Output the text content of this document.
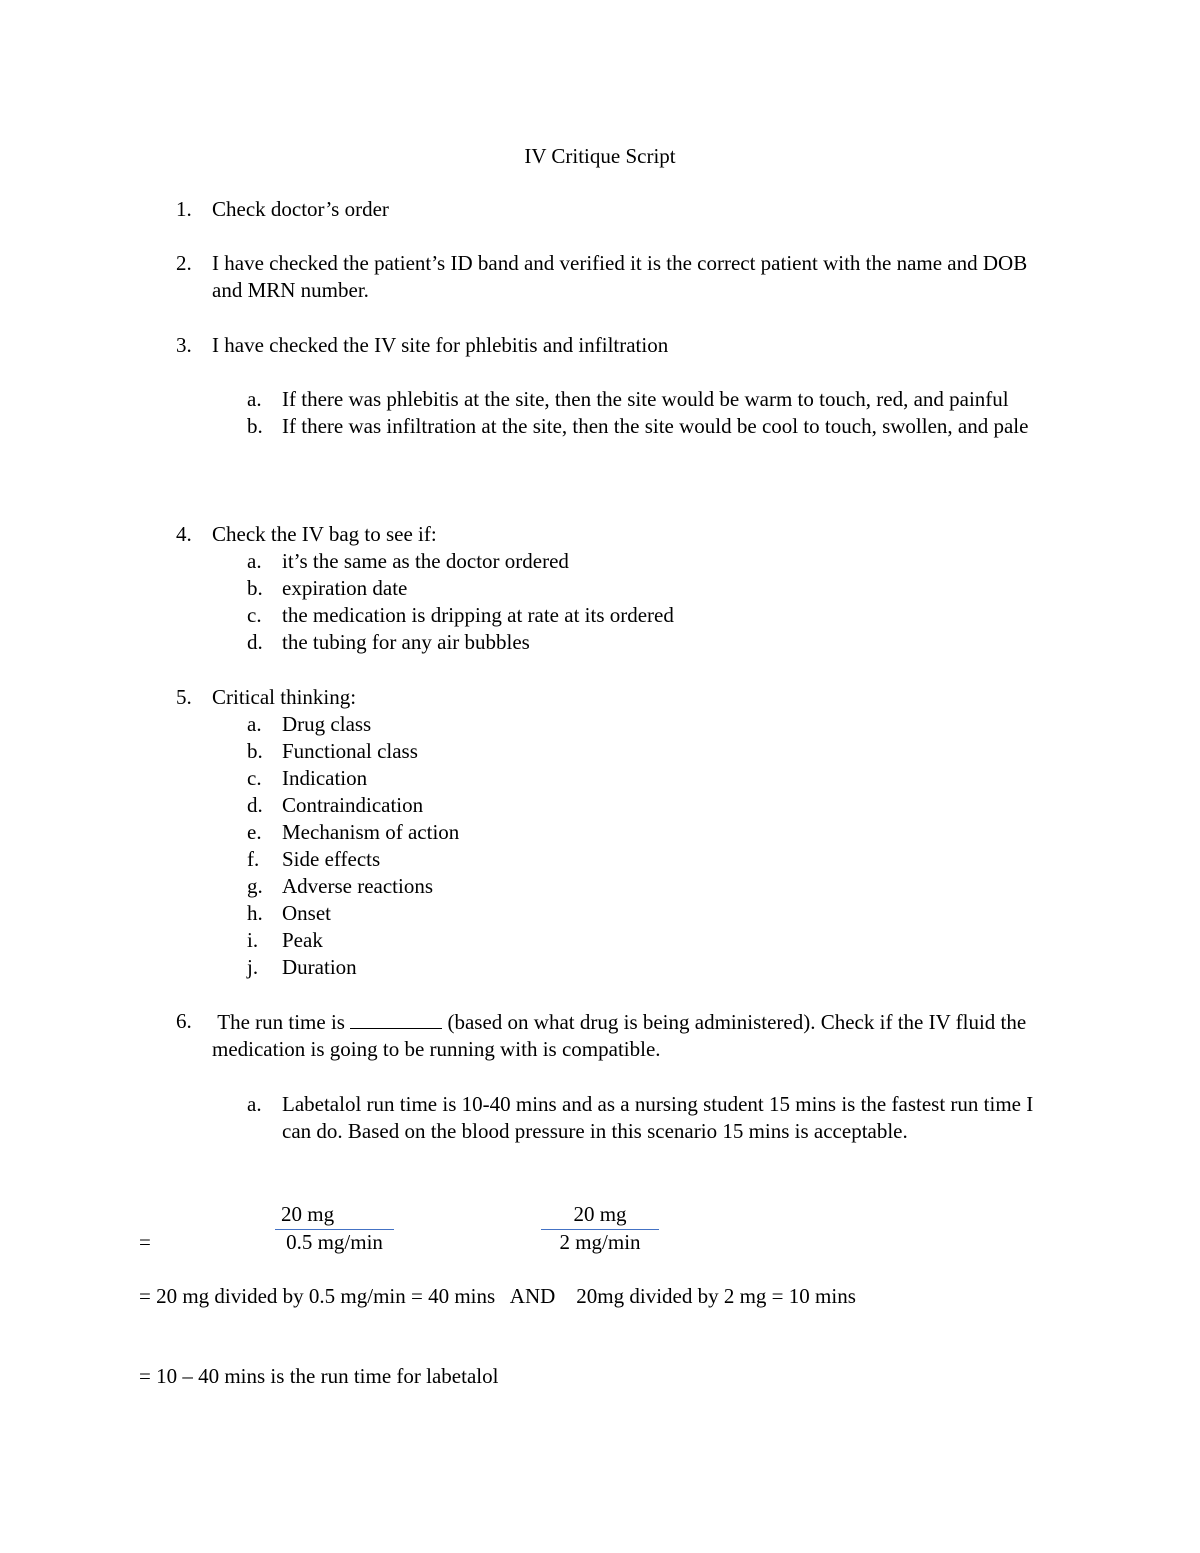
IV Critique Script
1. Check doctor’s order
2. I have checked the patient’s ID band and verified it is the correct patient with the name and DOB and MRN number.
3. I have checked the IV site for phlebitis and infiltration
a. If there was phlebitis at the site, then the site would be warm to touch, red, and painful
b. If there was infiltration at the site, then the site would be cool to touch, swollen, and pale
4. Check the IV bag to see if:
a. it’s the same as the doctor ordered
b. expiration date
c. the medication is dripping at rate at its ordered
d. the tubing for any air bubbles
5. Critical thinking:
a. Drug class
b. Functional class
c. Indication
d. Contraindication
e. Mechanism of action
f. Side effects
g. Adverse reactions
h. Onset
i. Peak
j. Duration
6. The run time is	(based on what drug is being administered). Check if the IV fluid the medication is going to be running with is compatible.
a. Labetalol run time is 10-40 mins and as a nursing student 15 mins is the fastest run time I can do. Based on the blood pressure in this scenario 15 mins is acceptable.
=
20 mg
0.5 mg/min
20 mg
2 mg/min
= 20 mg divided by 0.5 mg/min = 40 mins   AND    20mg divided by 2 mg = 10 mins
= 10 – 40 mins is the run time for labetalol
